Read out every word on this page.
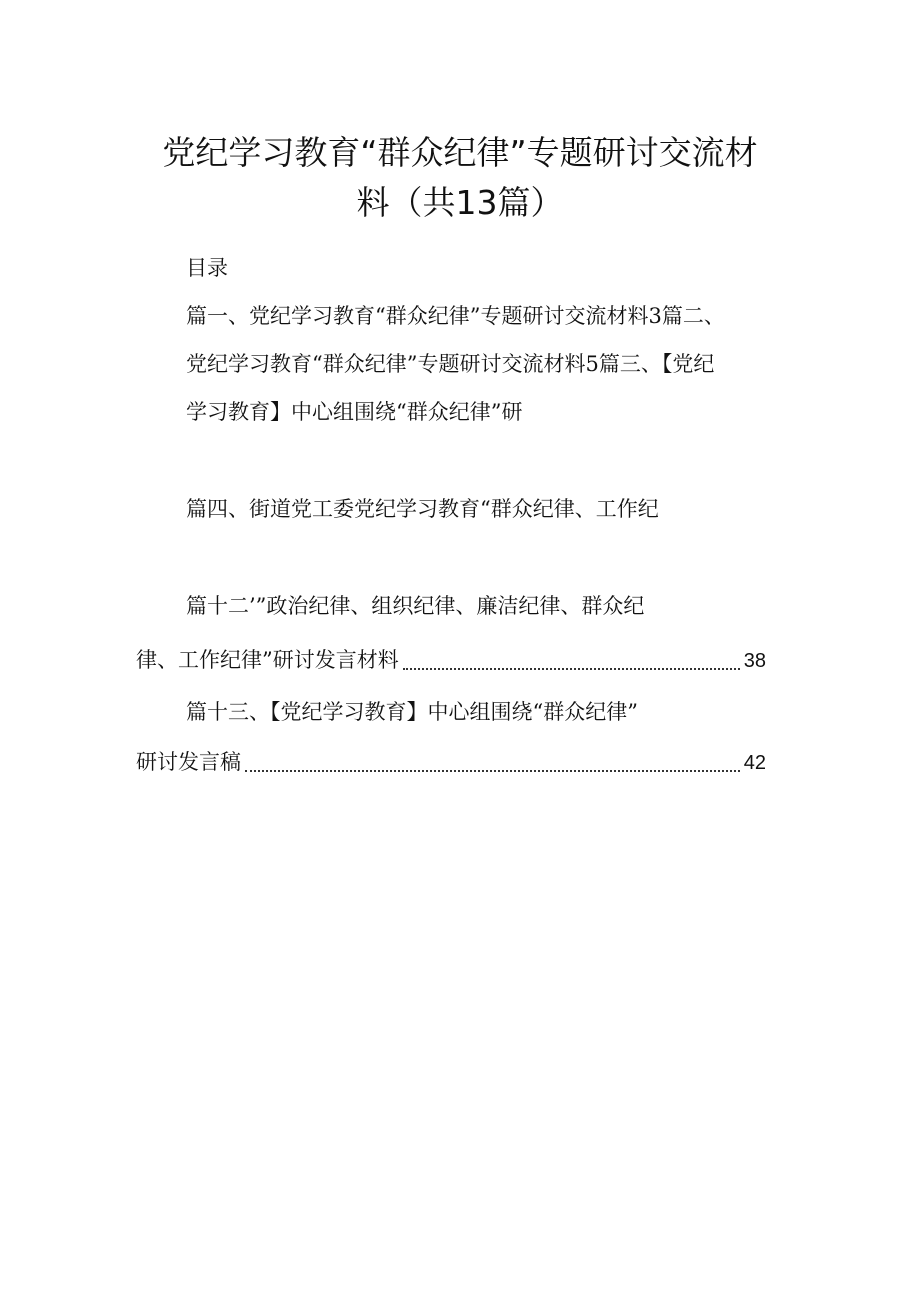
党纪学习教育“群众纪律”专题研讨交流材
料（共13篇）
目录
篇一、党纪学习教育“群众纪律”专题研讨交流材料3篇二、
党纪学习教育“群众纪律”专题研讨交流材料5篇三、【党纪
学习教育】中心组围绕“群众纪律”研
篇四、街道党工委党纪学习教育“群众纪律、工作纪
篇十二’”政治纪律、组织纪律、廉洁纪律、群众纪
律、工作纪律”研讨发言材料	38
篇十三、【党纪学习教育】中心组围绕“群众纪律”
研讨发言稿	42
